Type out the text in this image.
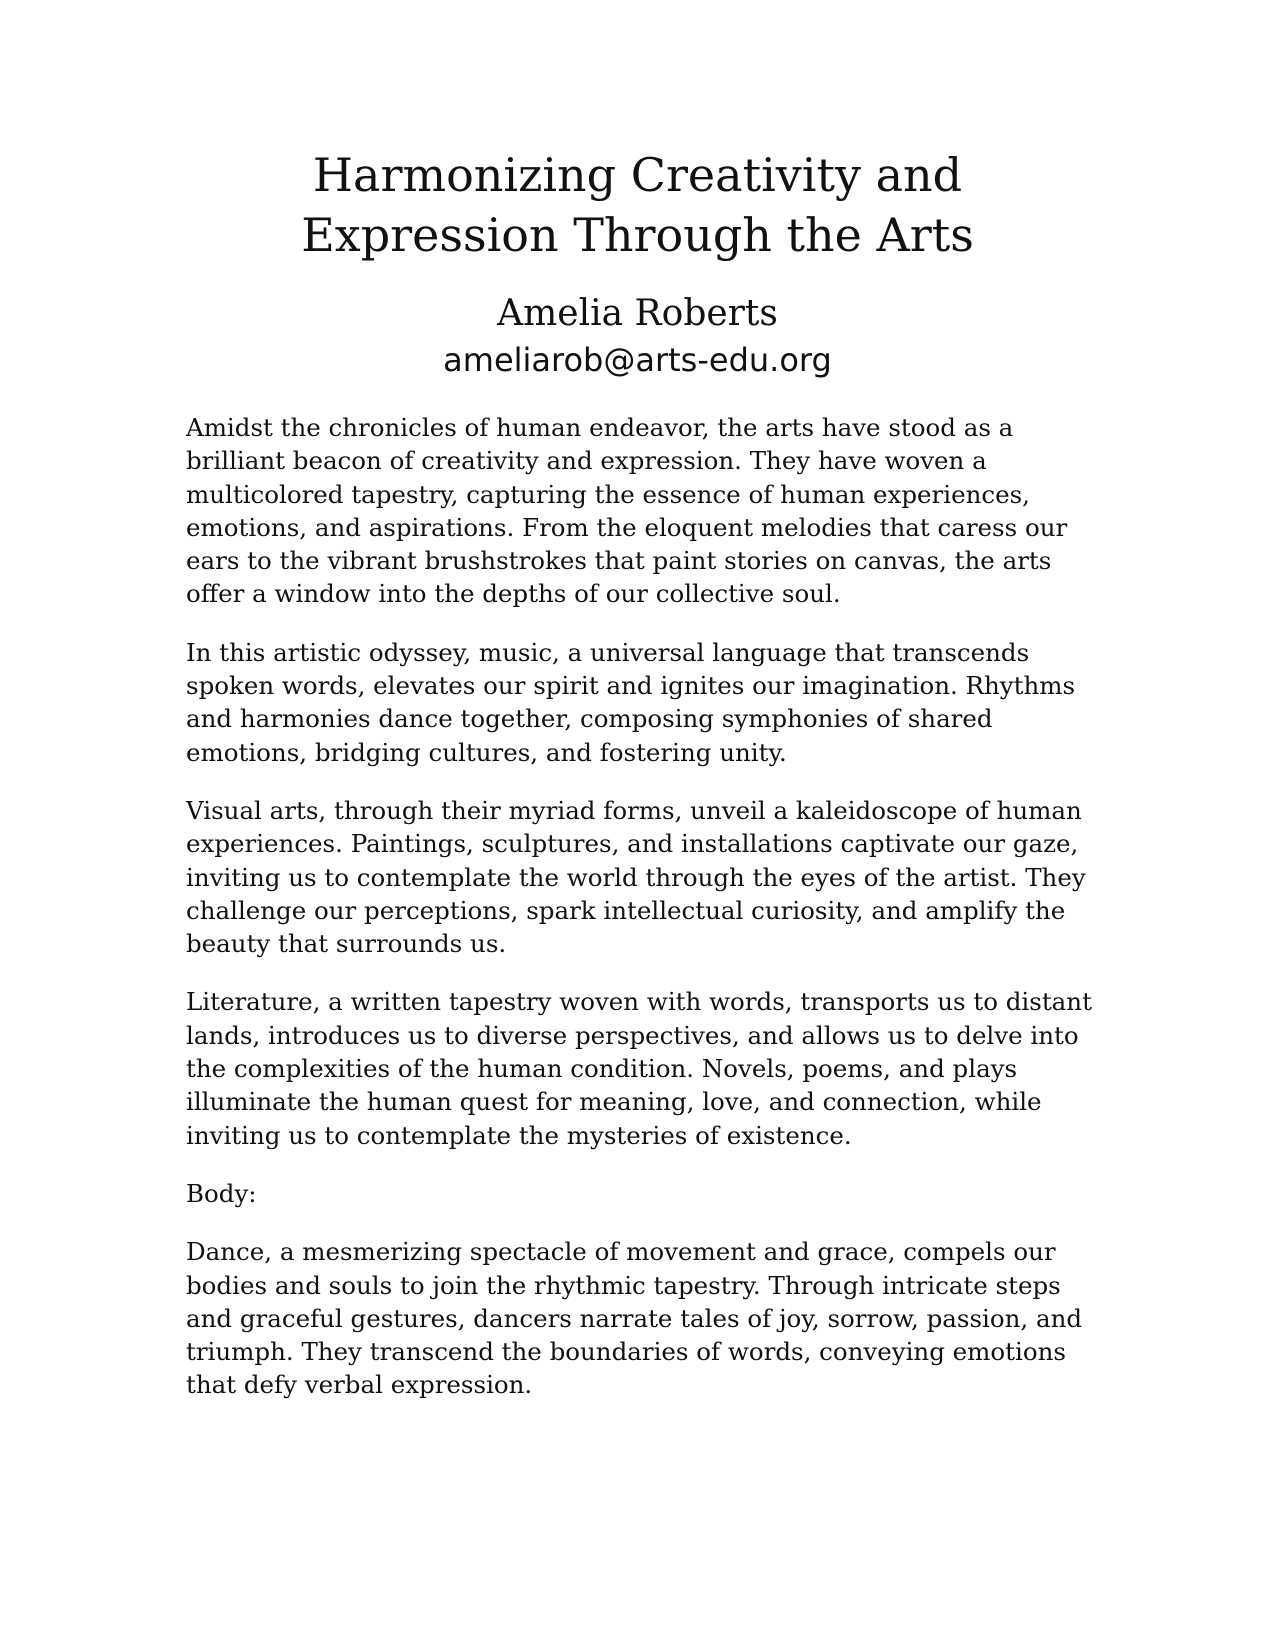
Harmonizing Creativity and
Expression Through the Arts
Amelia Roberts
ameliarob@arts-edu.org

Amidst the chronicles of human endeavor, the arts have stood as a brilliant beacon of creativity and expression. They have woven a multicolored tapestry, capturing the essence of human experiences, emotions, and aspirations. From the eloquent melodies that caress our ears to the vibrant brushstrokes that paint stories on canvas, the arts offer a window into the depths of our collective soul.

In this artistic odyssey, music, a universal language that transcends spoken words, elevates our spirit and ignites our imagination. Rhythms and harmonies dance together, composing symphonies of shared emotions, bridging cultures, and fostering unity.

Visual arts, through their myriad forms, unveil a kaleidoscope of human experiences. Paintings, sculptures, and installations captivate our gaze, inviting us to contemplate the world through the eyes of the artist. They challenge our perceptions, spark intellectual curiosity, and amplify the beauty that surrounds us.

Literature, a written tapestry woven with words, transports us to distant lands, introduces us to diverse perspectives, and allows us to delve into the complexities of the human condition. Novels, poems, and plays illuminate the human quest for meaning, love, and connection, while inviting us to contemplate the mysteries of existence.

Body:

Dance, a mesmerizing spectacle of movement and grace, compels our bodies and souls to join the rhythmic tapestry. Through intricate steps and graceful gestures, dancers narrate tales of joy, sorrow, passion, and triumph. They transcend the boundaries of words, conveying emotions that defy verbal expression.
